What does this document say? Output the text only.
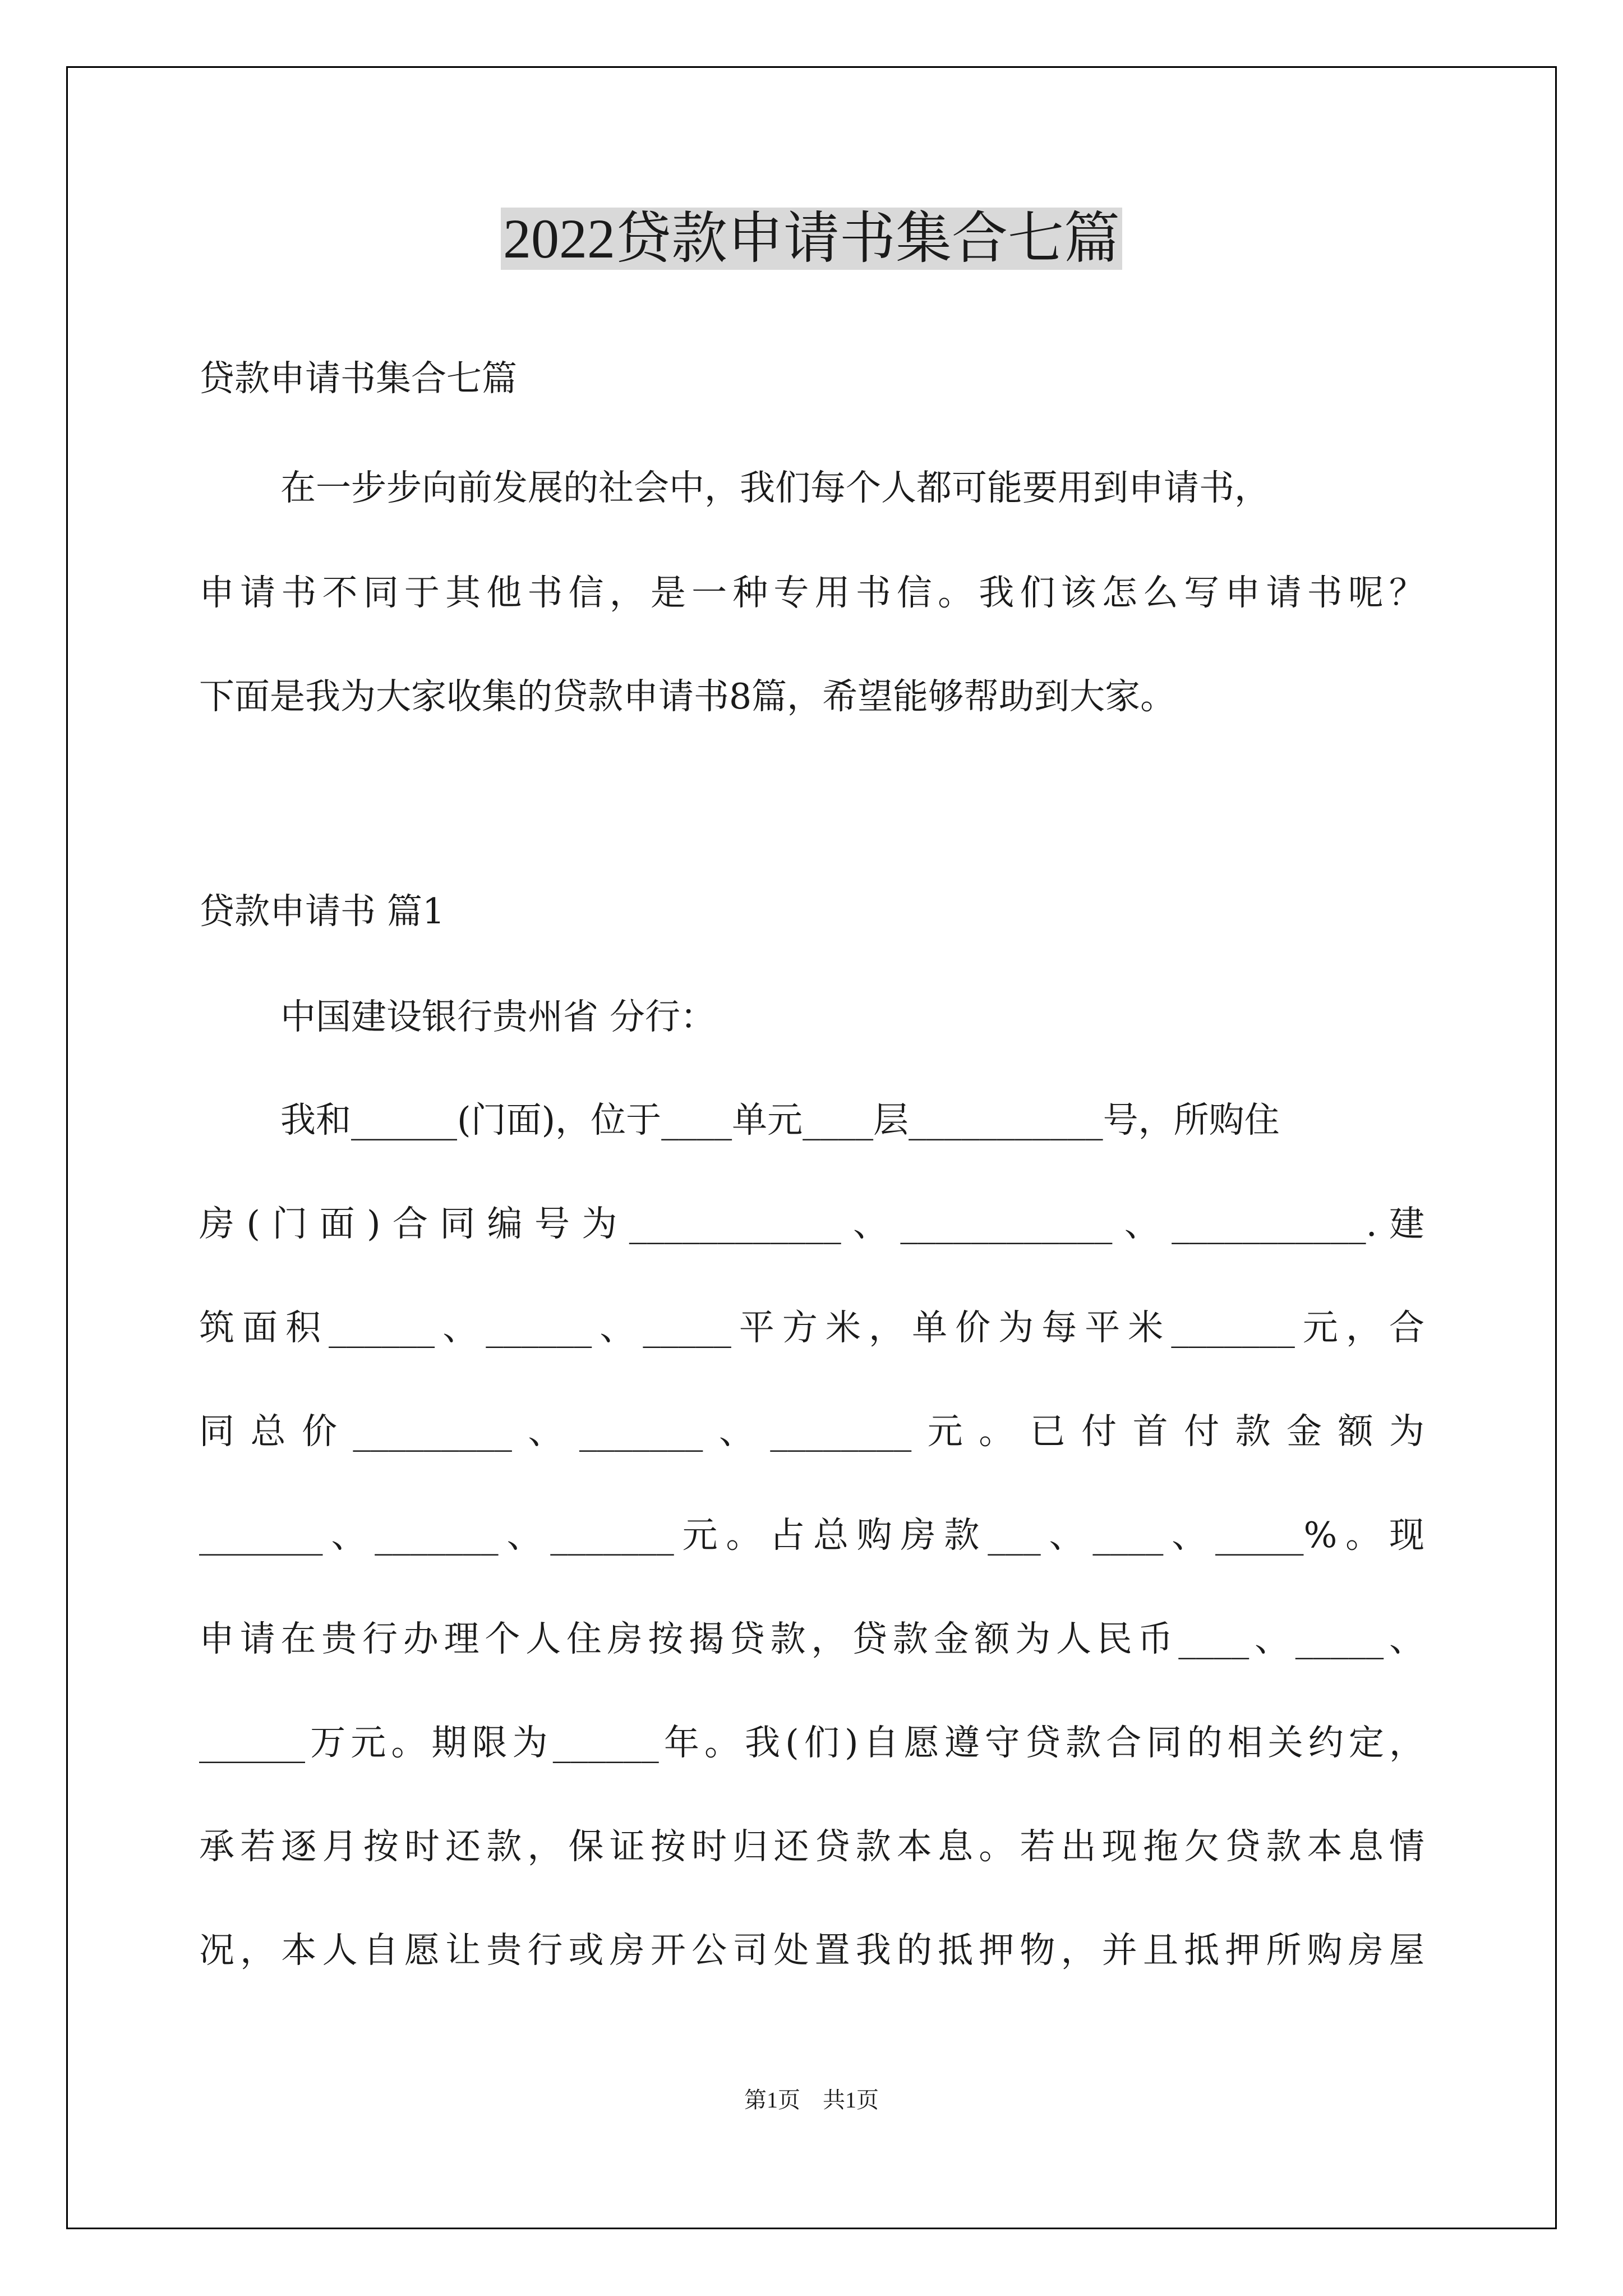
2022贷款申请书集合七篇
贷款申请书集合七篇
在一步步向前发展的社会中，我们每个人都可能要用到申请书，
申请书不同于其他书信，是一种专用书信。我们该怎么写申请书呢？
下面是我为大家收集的贷款申请书8篇，希望能够帮助到大家。
贷款申请书 篇1
中国建设银行贵州省 分行：
我和______(门面)，位于____单元____层___________号，所购住
房(门面)合同编号为____________、____________、___________.建
筑面积______、______、_____平方米，单价为每平米_______元，合
同总价_________、_______、________元。已付首付款金额为
_______、_______、_______元。占总购房款___、____、_____%。现
申请在贵行办理个人住房按揭贷款，贷款金额为人民币____、_____、
______万元。期限为______年。我(们)自愿遵守贷款合同的相关约定，
承若逐月按时还款，保证按时归还贷款本息。若出现拖欠贷款本息情
况，本人自愿让贵行或房开公司处置我的抵押物，并且抵押所购房屋
第1页　共1页
